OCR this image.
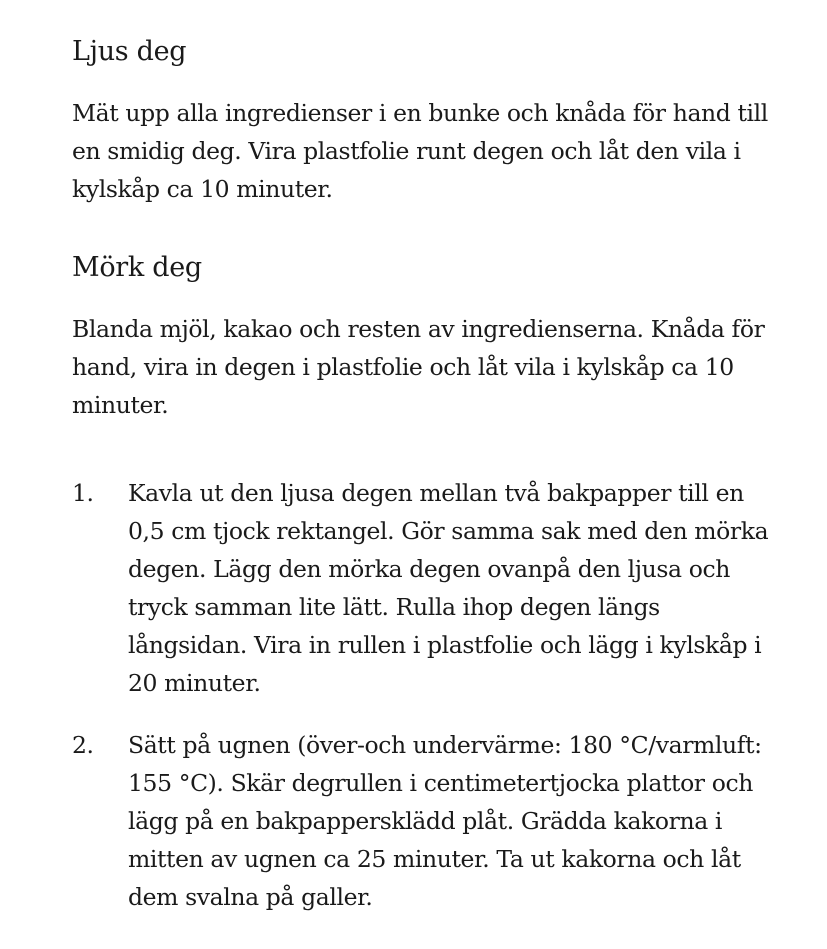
Ljus deg

Mät upp alla ingredienser i en bunke och knåda för hand till en smidig deg. Vira plastfolie runt degen och låt den vila i kylskåp ca 10 minuter.

Mörk deg

Blanda mjöl, kakao och resten av ingredienserna. Knåda för hand, vira in degen i plastfolie och låt vila i kylskåp ca 10 minuter.

1.	Kavla ut den ljusa degen mellan två bakpapper till en 0,5 cm tjock rektangel. Gör samma sak med den mörka degen. Lägg den mörka degen ovanpå den ljusa och tryck samman lite lätt. Rulla ihop degen längs långsidan. Vira in rullen i plastfolie och lägg i kylskåp i 20 minuter.
2.	Sätt på ugnen (över-och undervärme: 180 °C/varmluft: 155 °C). Skär degrullen i centimetertjocka plattor och lägg på en bakpappersklädd plåt. Grädda kakorna i mitten av ugnen ca 25 minuter. Ta ut kakorna och låt dem svalna på galler.
